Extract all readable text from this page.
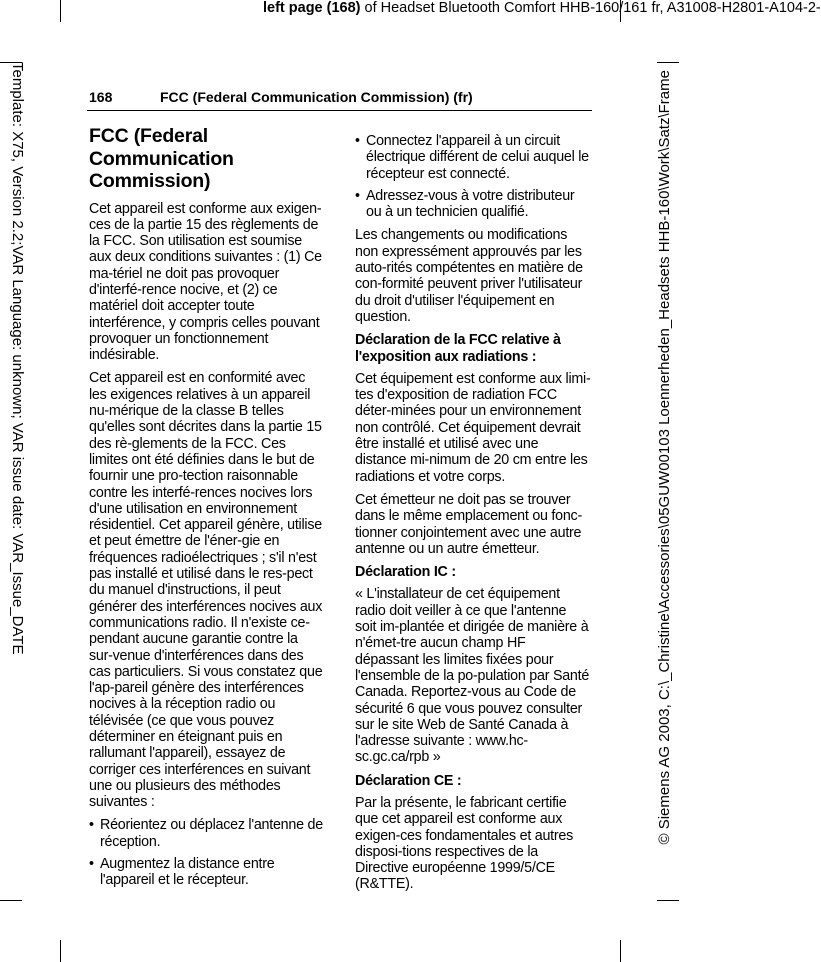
left page (168) of Headset Bluetooth Comfort HHB-160/161 fr, A31008-H2801-A104-2-
Template: X75, Version 2.2;VAR Language: unknown; VAR issue date: VAR_Issue_DATE	© Siemens AG 2003, C:\_Christine\Accessories\05GUW00103 Loennerheden_Headsets HHB-160\Work\Satz\Frame
168	FCC (Federal Communication Commission) (fr)
FCC (Federal Communication Commission)

Cet appareil est conforme aux exigen-ces de la partie 15 des règlements de la FCC. Son utilisation est soumise aux deux conditions suivantes : (1) Ce ma-tériel ne doit pas provoquer d'interfé-rence nocive, et (2) ce matériel doit accepter toute interférence, y compris celles pouvant provoquer un fonctionnement indésirable.

Cet appareil est en conformité avec les exigences relatives à un appareil nu-mérique de la classe B telles qu'elles sont décrites dans la partie 15 des rè-glements de la FCC. Ces limites ont été définies dans le but de fournir une pro-tection raisonnable contre les interfé-rences nocives lors d'une utilisation en environnement résidentiel. Cet appareil génère, utilise et peut émettre de l'éner-gie en fréquences radioélectriques ; s'il n'est pas installé et utilisé dans le res-pect du manuel d'instructions, il peut générer des interférences nocives aux communications radio. Il n'existe ce-pendant aucune garantie contre la sur-venue d'interférences dans des cas particuliers. Si vous constatez que l'ap-pareil génère des interférences nocives à la réception radio ou télévisée (ce que vous pouvez déterminer en éteignant puis en rallumant l'appareil), essayez de corriger ces interférences en suivant une ou plusieurs des méthodes suivantes :

• Réorientez ou déplacez l'antenne de réception.
• Augmentez la distance entre l'appareil et le récepteur.
• Connectez l'appareil à un circuit électrique différent de celui auquel le récepteur est connecté.
• Adressez-vous à votre distributeur ou à un technicien qualifié.

Les changements ou modifications non expressément approuvés par les auto-rités compétentes en matière de con-formité peuvent priver l'utilisateur du droit d'utiliser l'équipement en question.

Déclaration de la FCC relative à l'exposition aux radiations :

Cet équipement est conforme aux limi-tes d'exposition de radiation FCC déter-minées pour un environnement non contrôlé. Cet équipement devrait être installé et utilisé avec une distance mi-nimum de 20 cm entre les radiations et votre corps.

Cet émetteur ne doit pas se trouver dans le même emplacement ou fonc-tionner conjointement avec une autre antenne ou un autre émetteur.

Déclaration IC :

« L'installateur de cet équipement radio doit veiller à ce que l'antenne soit im-plantée et dirigée de manière à n'émet-tre aucun champ HF dépassant les limites fixées pour l'ensemble de la po-pulation par Santé Canada. Reportez-vous au Code de sécurité 6 que vous pouvez consulter sur le site Web de Santé Canada à l'adresse suivante : www.hc-sc.gc.ca/rpb »

Déclaration CE :

Par la présente, le fabricant certifie que cet appareil est conforme aux exigen-ces fondamentales et autres disposi-tions respectives de la Directive européenne 1999/5/CE (R&TTE).
